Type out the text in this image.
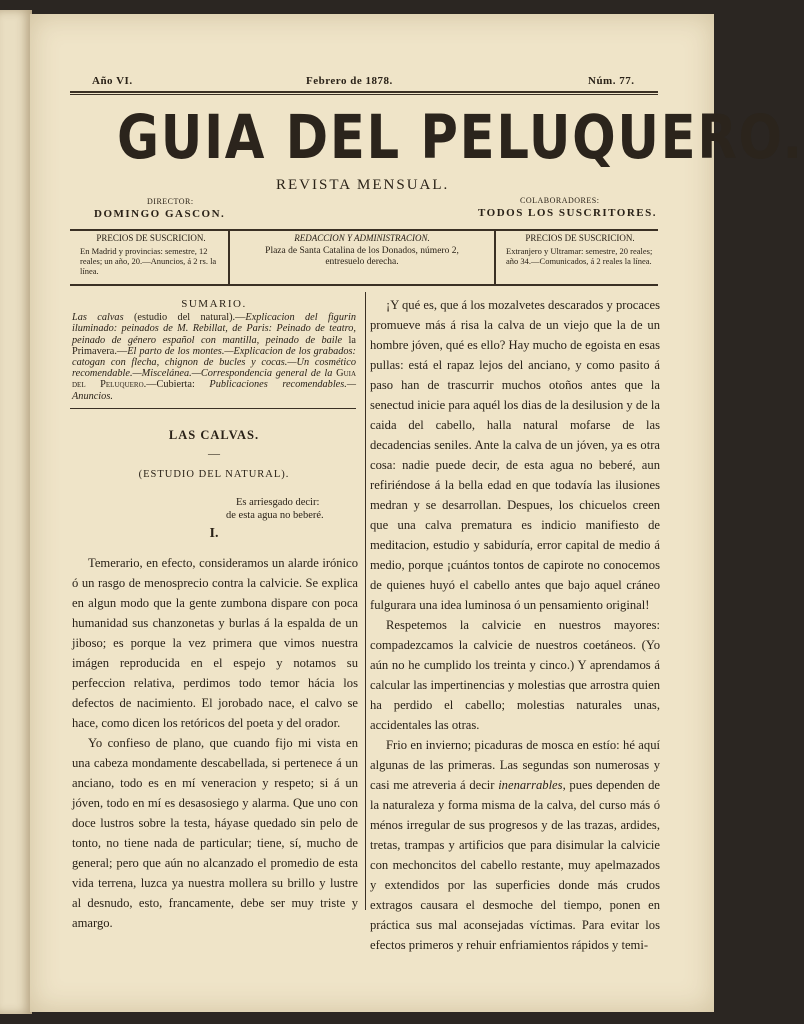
Año VI.	Febrero de 1878.	Núm. 77.
GUIA DEL PELUQUERO.
REVISTA MENSUAL.
DIRECTOR:
DOMINGO GASCON.
COLABORADORES:
TODOS LOS SUSCRITORES.
PRECIOS DE SUSCRICION.
En Madrid y provincias: semestre, 12 reales; un año, 20.—Anuncios, á 2 rs. la línea.
REDACCION Y ADMINISTRACION.
Plaza de Santa Catalina de los Donados, número 2, entresuelo derecha.
PRECIOS DE SUSCRICION.
Extranjero y Ultramar: semestre, 20 reales; año 34.—Comunicados, á 2 reales la línea.
SUMARIO.
Las calvas (estudio del natural).—Explicacion del figurin iluminado: peinados de M. Rebillat, de Paris: Peinado de teatro, peinado de género español con mantilla, peinado de baile la Primavera.—El parto de los montes.—Explicacion de los grabados: catogan con flecha, chignon de bucles y cocas.—Un cosmético recomendable.—Miscelánea.—Correspondencia general de la Guia del Peluquero.—Cubierta: Publicaciones recomendables.—Anuncios.
LAS CALVAS.
—
(ESTUDIO DEL NATURAL).
Es arriesgado decir:
de esta agua no beberé.
I.

Temerario, en efecto, consideramos un alarde irónico ó un rasgo de menosprecio contra la calvicie. Se explica en algun modo que la gente zumbona dispare con poca humanidad sus chanzonetas y burlas á la espalda de un jiboso; es porque la vez primera que vimos nuestra imágen reproducida en el espejo y notamos su perfeccion relativa, perdimos todo temor hácia los defectos de nacimiento. El jorobado nace, el calvo se hace, como dicen los retóricos del poeta y del orador.

Yo confieso de plano, que cuando fijo mi vista en una cabeza mondamente descabellada, si pertenece á un anciano, todo es en mí veneracion y respeto; si á un jóven, todo en mí es desasosiego y alarma. Que uno con doce lustros sobre la testa, háyase quedado sin pelo de tonto, no tiene nada de particular; tiene, sí, mucho de general; pero que aún no alcanzado el promedio de esta vida terrena, luzca ya nuestra mollera su brillo y lustre al desnudo, esto, francamente, debe ser muy triste y amargo.

¡Y qué es, que á los mozalvetes descarados y procaces promueve más á risa la calva de un viejo que la de un hombre jóven, qué es ello? Hay mucho de egoista en esas pullas: está el rapaz lejos del anciano, y como pasito á paso han de trascurrir muchos otoños antes que la senectud inicie para aquél los dias de la desilusion y de la caida del cabello, halla natural mofarse de las decadencias seniles. Ante la calva de un jóven, ya es otra cosa: nadie puede decir, de esta agua no beberé, aun refiriéndose á la bella edad en que todavía las ilusiones medran y se desarrollan. Despues, los chicuelos creen que una calva prematura es indicio manifiesto de meditacion, estudio y sabiduría, error capital de medio á medio, porque ¡cuántos tontos de capirote no conocemos de quienes huyó el cabello antes que bajo aquel cráneo fulgurara una idea luminosa ó un pensamiento original!

Respetemos la calvicie en nuestros mayores: compadezcamos la calvicie de nuestros coetáneos. (Yo aún no he cumplido los treinta y cinco.) Y aprendamos á calcular las impertinencias y molestias que arrostra quien ha perdido el cabello; molestias naturales unas, accidentales las otras.

Frio en invierno; picaduras de mosca en estío: hé aquí algunas de las primeras. Las segundas son numerosas y casi me atreveria á decir inenarrables, pues dependen de la naturaleza y forma misma de la calva, del curso más ó ménos irregular de sus progresos y de las trazas, ardides, tretas, trampas y artificios que para disimular la calvicie con mechoncitos del cabello restante, muy apelmazados y extendidos por las superficies donde más crudos extragos causara el desmoche del tiempo, ponen en práctica sus mal aconsejadas víctimas. Para evitar los efectos primeros y rehuir enfriamientos rápidos y temi-
